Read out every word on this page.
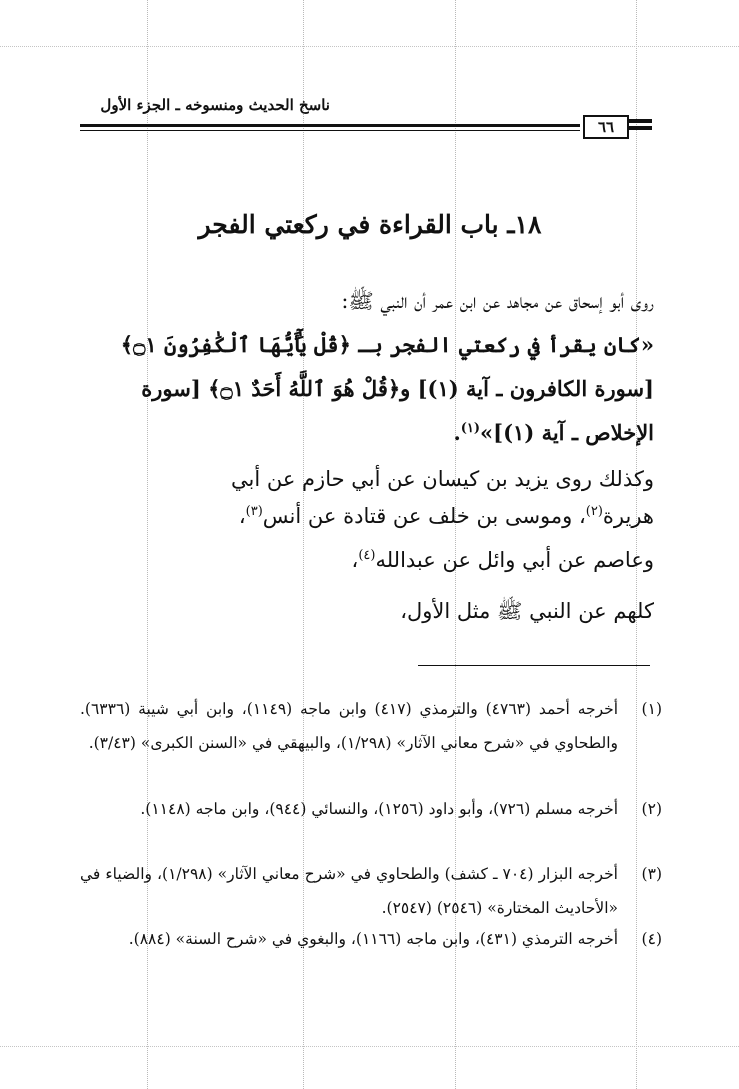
ناسخ الحديث ومنسوخه ـ الجزء الأول
٦٦
١٨ـ باب القراءة في ركعتي الفجر
روى أبو إسحاق عن مجاهد عن ابن عمر أن النبي ﷺ:
«كان يقرأ في ركعتي الفجر بـ ﴿قُلْ يَٰٓأَيُّهَا ٱلْكَٰفِرُونَ ۝١﴾
[سورة الكافرون ـ آية (١)] و﴿قُلْ هُوَ ٱللَّهُ أَحَدٌ ۝١﴾ [سورة
الإخلاص ـ آية (١)]»$^{(١)}$.
وكذلك روى يزيد بن كيسان عن أبي حازم عن أبي
هريرة$^{(٢)}$، وموسى بن خلف عن قتادة عن أنس$^{(٣)}$،
وعاصم عن أبي وائل عن عبدالله$^{(٤)}$،
كلهم عن النبي ﷺ مثل الأول،
(١)
أخرجه أحمد (٤٧٦٣) والترمذي (٤١٧) وابن ماجه (١١٤٩)، وابن أبي شيبة (٦٣٣٦). والطحاوي في «شرح معاني الآثار» (١/٢٩٨)، والبيهقي في «السنن الكبرى» (٣/٤٣).
(٢)
أخرجه مسلم (٧٢٦)، وأبو داود (١٢٥٦)، والنسائي (٩٤٤)، وابن ماجه (١١٤٨).
(٣)
أخرجه البزار (٧٠٤ ـ كشف) والطحاوي في «شرح معاني الآثار» (١/٢٩٨)، والضياء في «الأحاديث المختارة» (٢٥٤٦) (٢٥٤٧).
(٤)
أخرجه الترمذي (٤٣١)، وابن ماجه (١١٦٦)، والبغوي في «شرح السنة» (٨٨٤).
